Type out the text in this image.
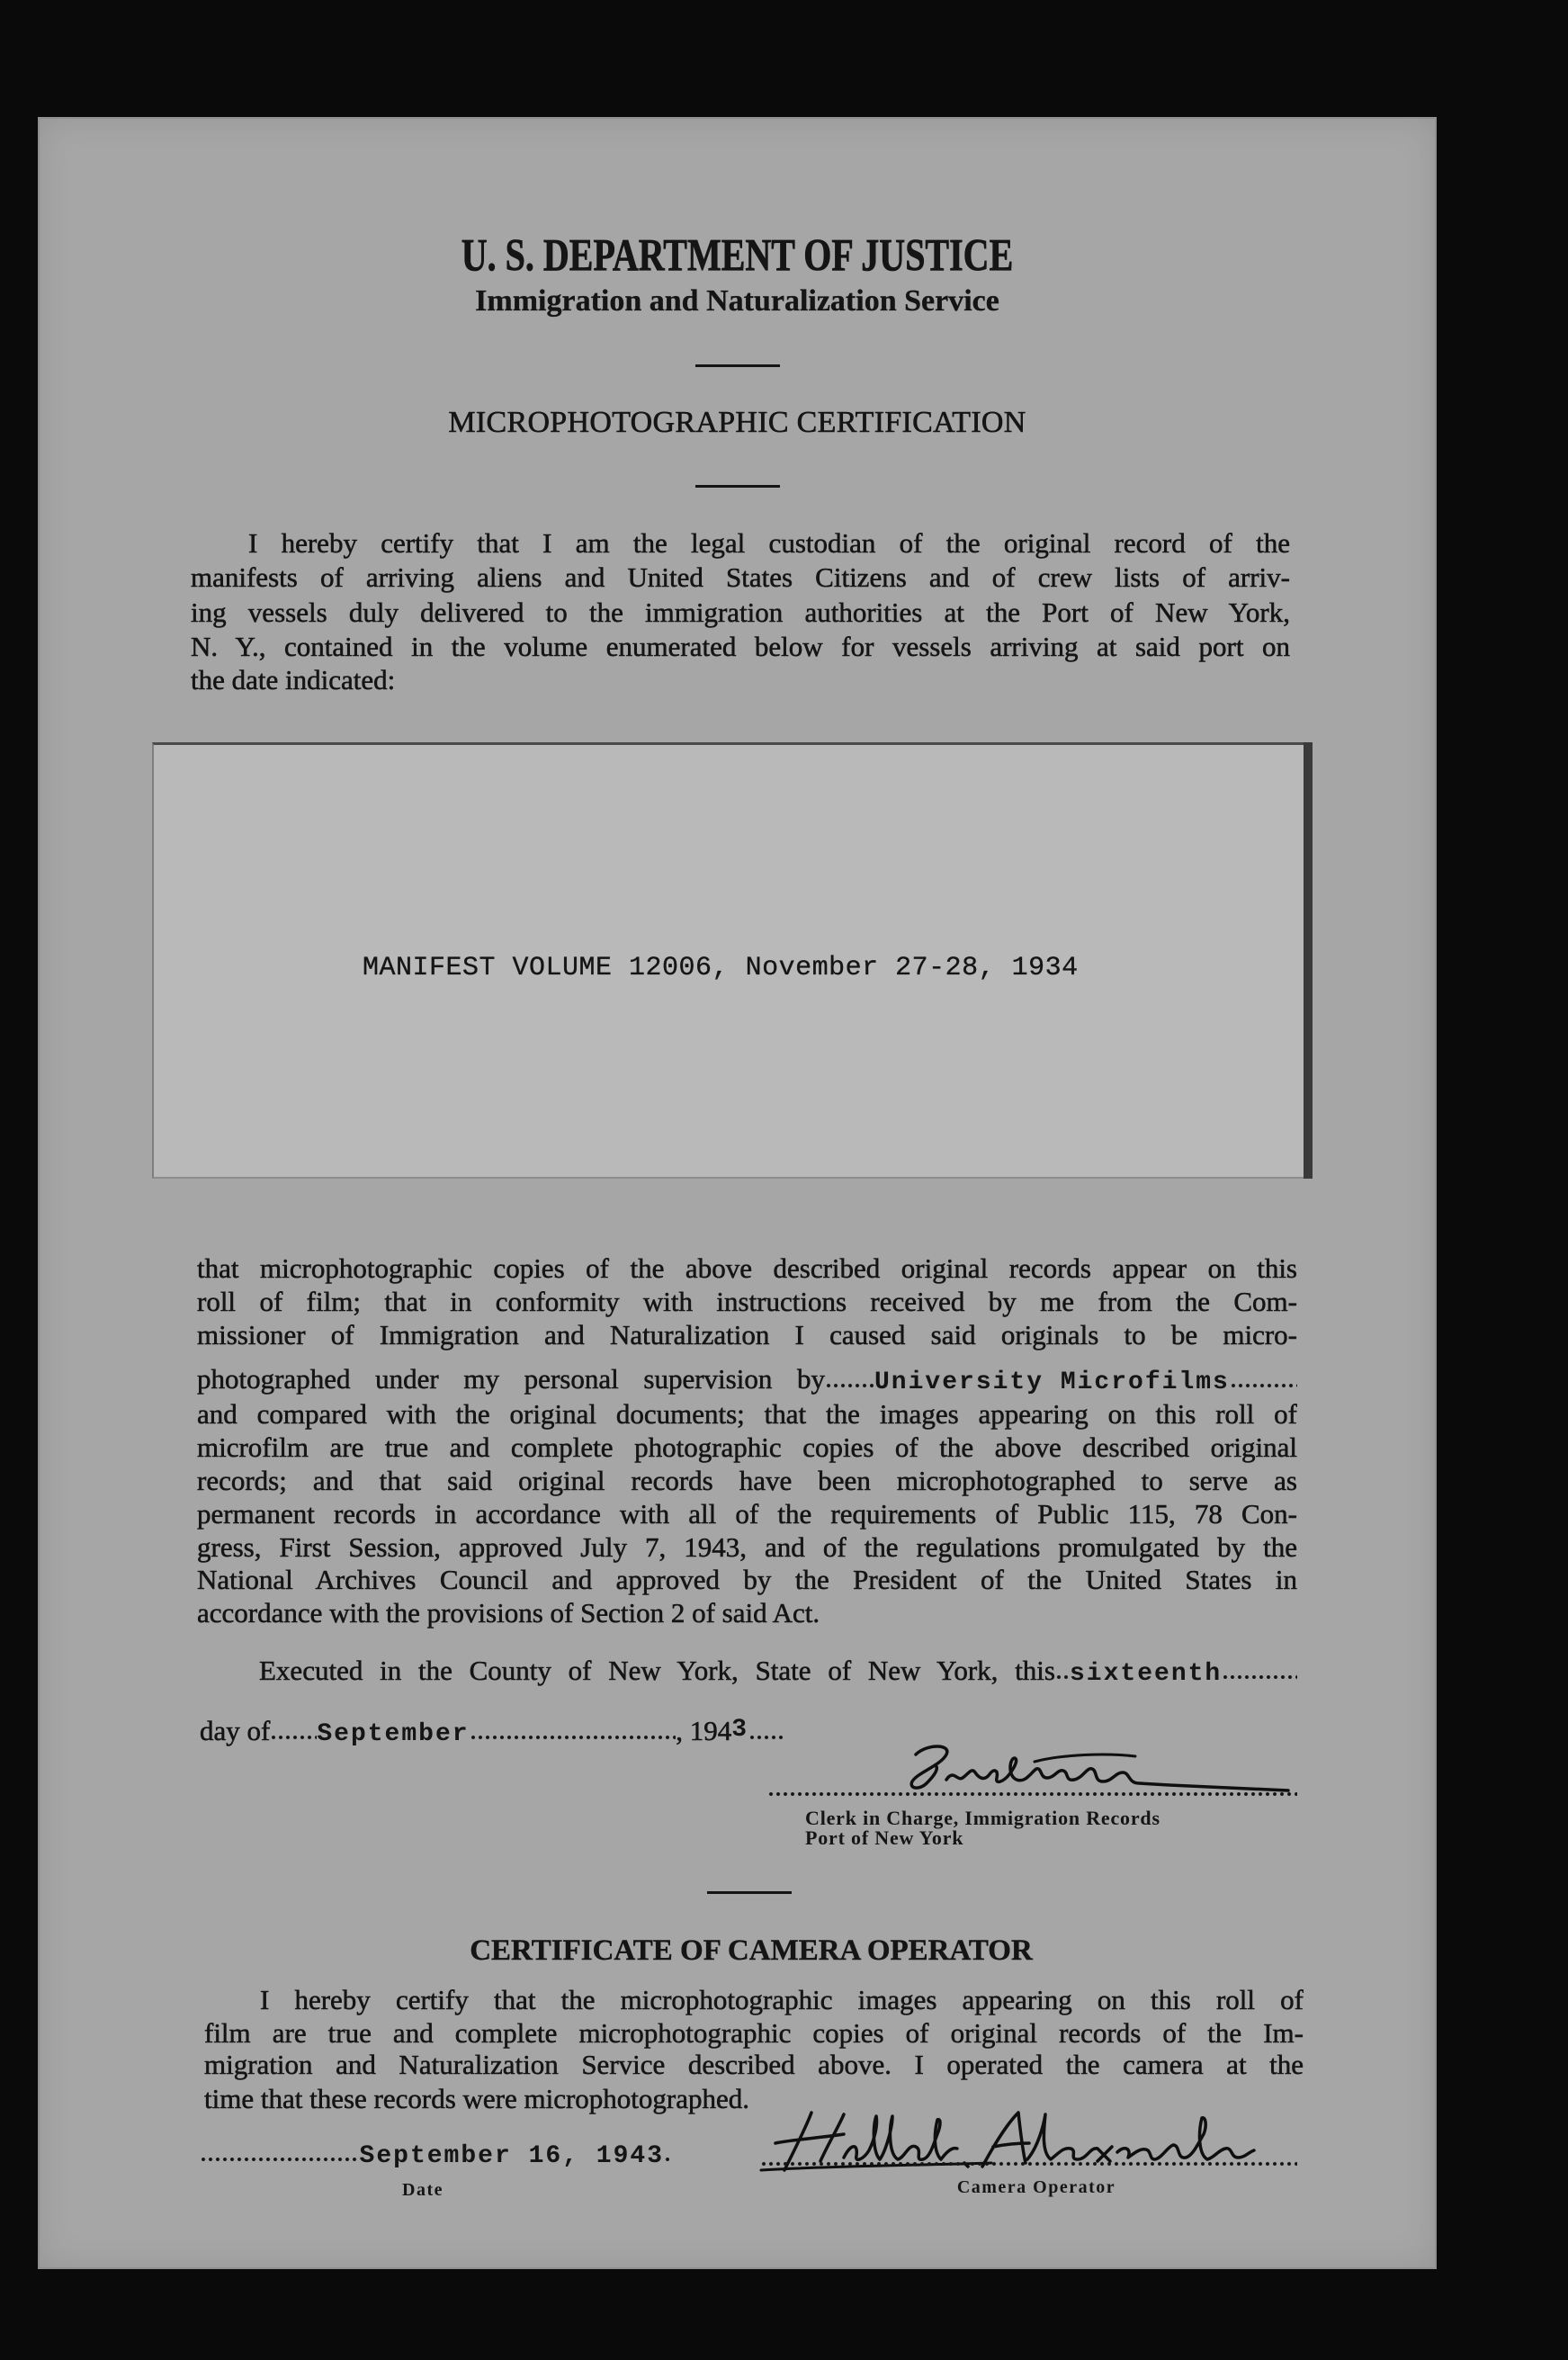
U. S. DEPARTMENT OF JUSTICE
Immigration and Naturalization Service
MICROPHOTOGRAPHIC CERTIFICATION
I hereby certify that I am the legal custodian of the original record of the
manifests of arriving aliens and United States Citizens and of crew lists of arriv-
ing vessels duly delivered to the immigration authorities at the Port of New York,
N. Y., contained in the volume enumerated below for vessels arriving at said port on
the date indicated:
MANIFEST VOLUME 12006, November 27-28, 1934
that microphotographic copies of the above described original records appear on this
roll of film; that in conformity with instructions received by me from the Com-
missioner of Immigration and Naturalization I caused said originals to be micro-
photographed under my personal supervision by University Microfilms
and compared with the original documents; that the images appearing on this roll of
microfilm are true and complete photographic copies of the above described original
records; and that said original records have been microphotographed to serve as
permanent records in accordance with all of the requirements of Public 115, 78 Con-
gress, First Session, approved July 7, 1943, and of the regulations promulgated by the
National Archives Council and approved by the President of the United States in
accordance with the provisions of Section 2 of said Act.
Executed in the County of New York, State of New York, this sixteenth
day of September	, 194 3
Clerk in Charge, Immigration Records
Port of New York
CERTIFICATE OF CAMERA OPERATOR
I hereby certify that the microphotographic images appearing on this roll of
film are true and complete microphotographic copies of original records of the Im-
migration and Naturalization Service described above. I operated the camera at the
time that these records were microphotographed.
September 16, 1943
Date	Camera Operator
